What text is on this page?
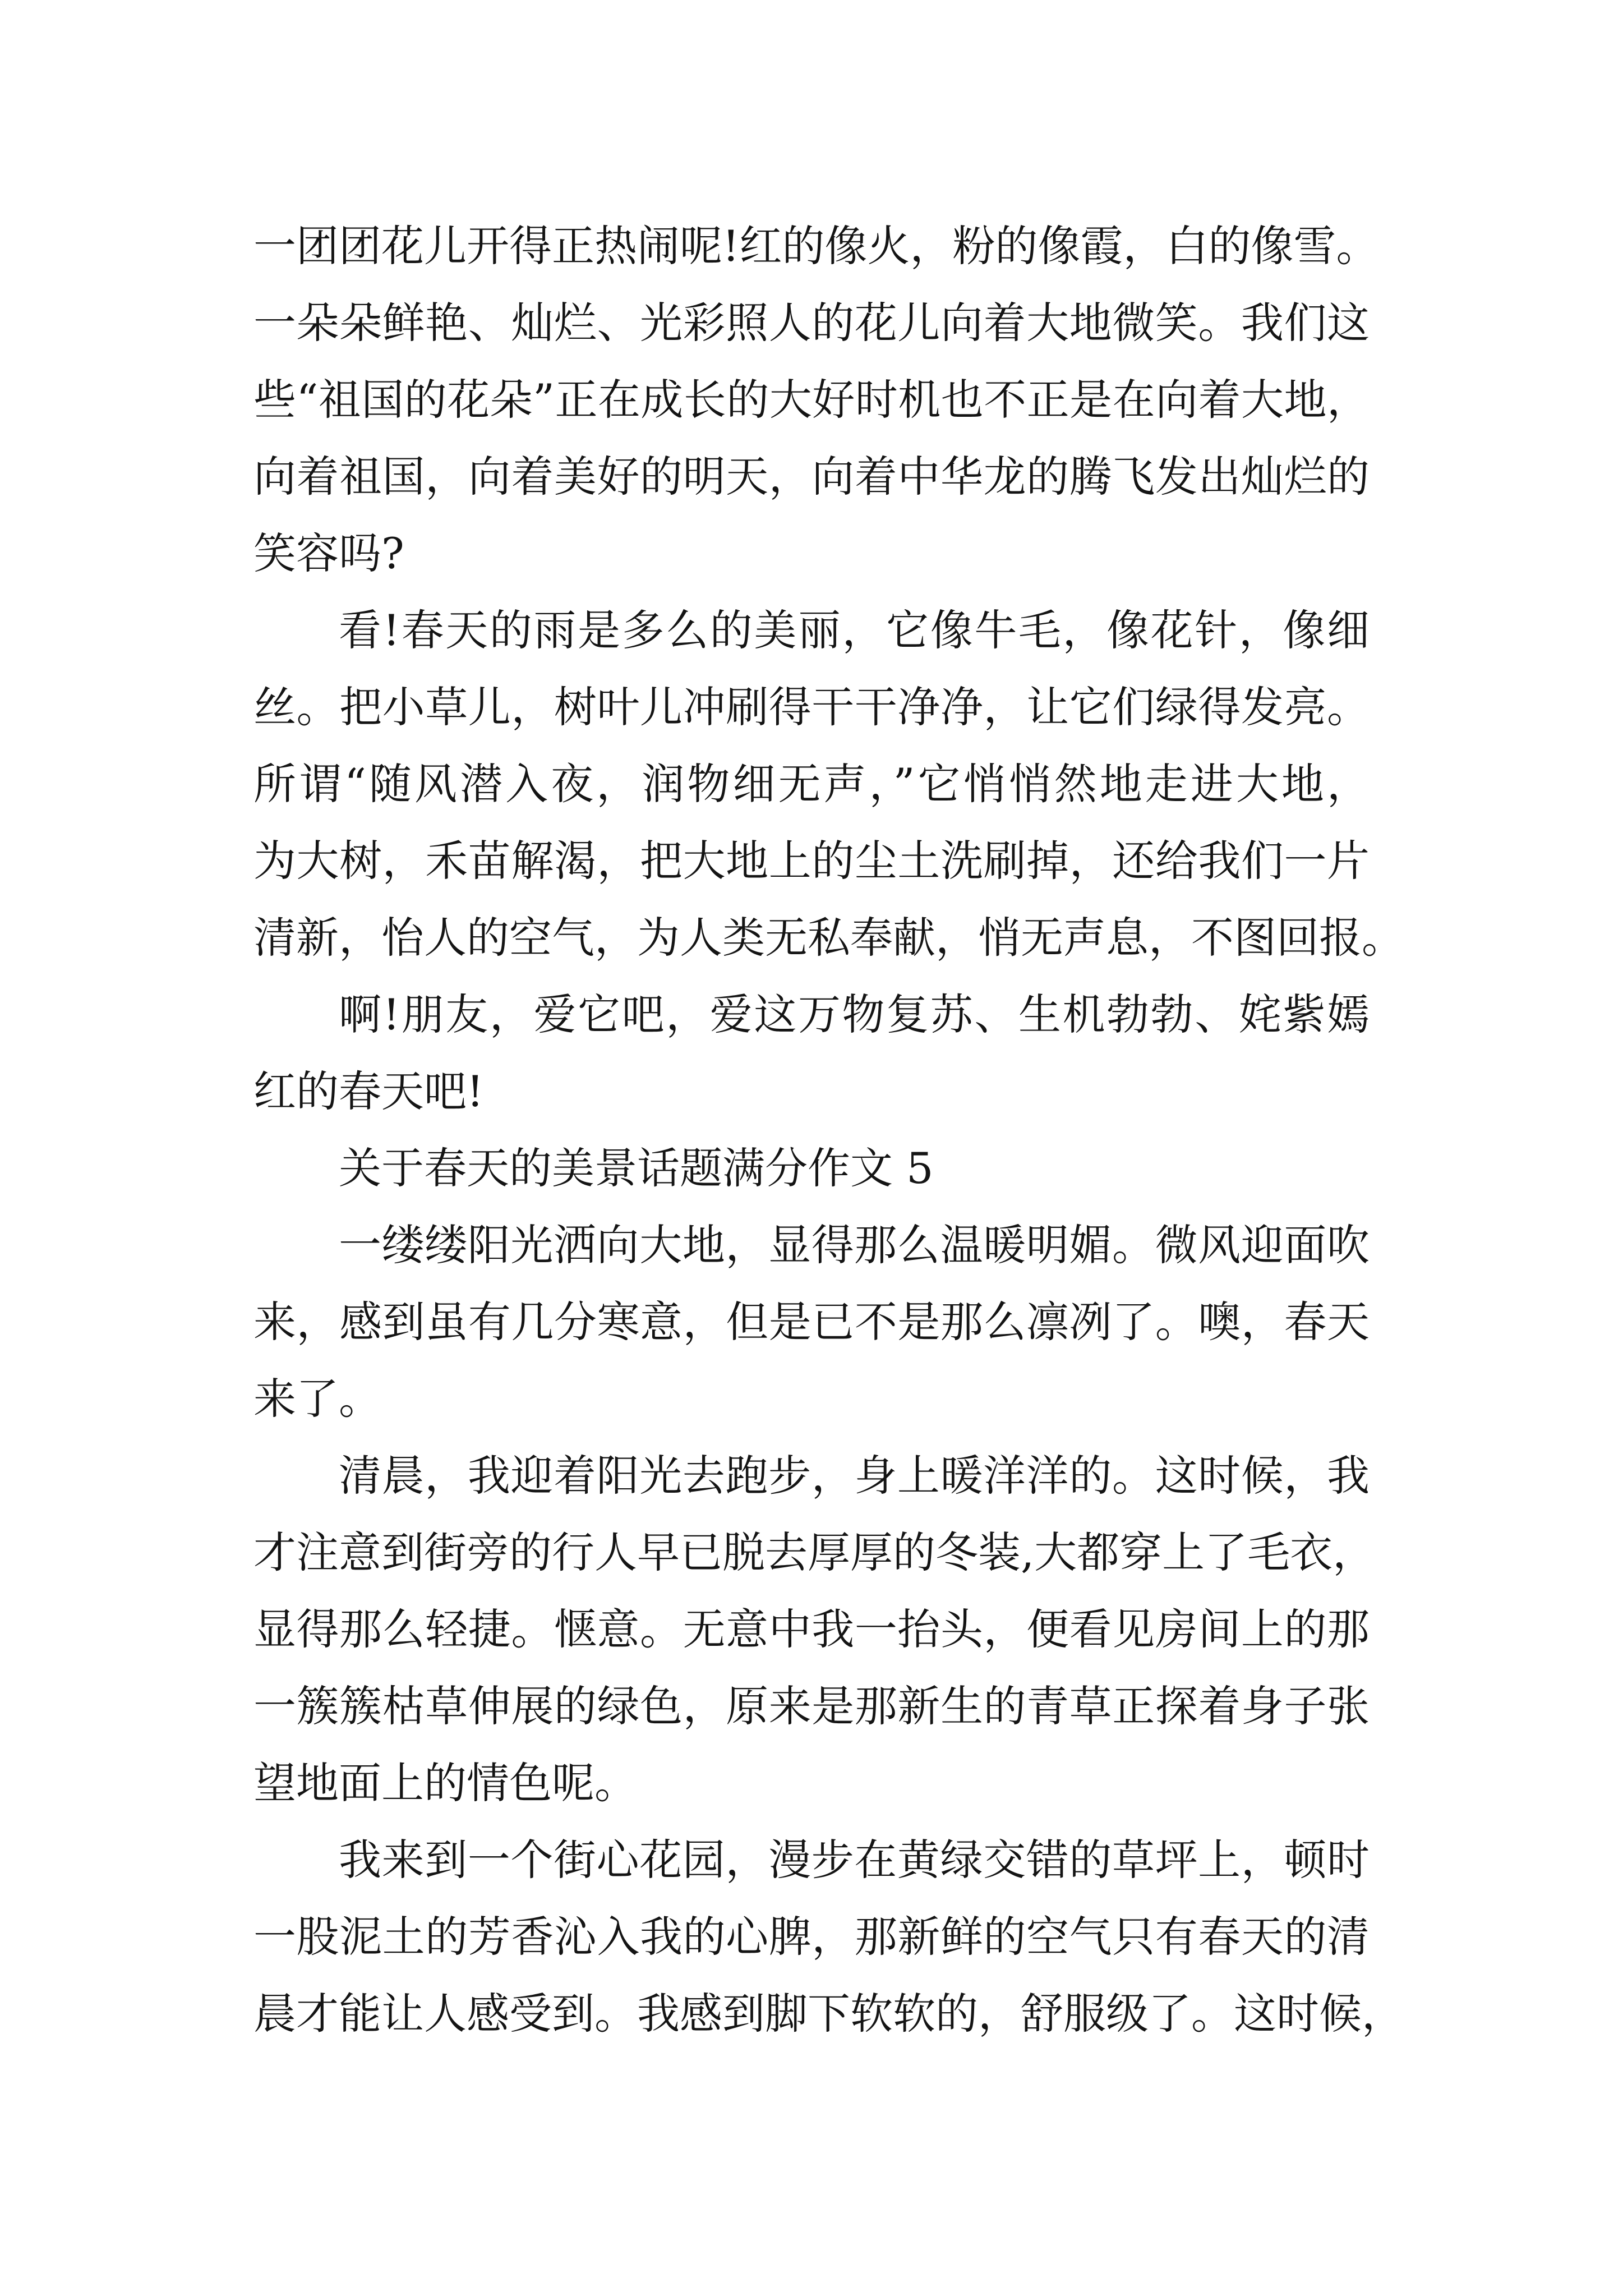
一团团花儿开得正热闹呢!红的像火，粉的像霞，白的像雪。
一朵朵鲜艳、灿烂、光彩照人的花儿向着大地微笑。我们这
些“祖国的花朵”正在成长的大好时机也不正是在向着大地，
向着祖国，向着美好的明天，向着中华龙的腾飞发出灿烂的
笑容吗?
看!春天的雨是多么的美丽，它像牛毛，像花针，像细
丝。把小草儿，树叶儿冲刷得干干净净，让它们绿得发亮。
所谓“随风潜入夜，润物细无声，”它悄悄然地走进大地，
为大树，禾苗解渴，把大地上的尘土洗刷掉，还给我们一片
清新，怡人的空气，为人类无私奉献，悄无声息，不图回报。
啊!朋友，爱它吧，爱这万物复苏、生机勃勃、姹紫嫣
红的春天吧!
关于春天的美景话题满分作文 5
一缕缕阳光洒向大地，显得那么温暖明媚。微风迎面吹
来，感到虽有几分寒意，但是已不是那么凛冽了。噢，春天
来了。
清晨，我迎着阳光去跑步，身上暖洋洋的。这时候，我
才注意到街旁的行人早已脱去厚厚的冬装,大都穿上了毛衣，
显得那么轻捷。惬意。无意中我一抬头，便看见房间上的那
一簇簇枯草伸展的绿色，原来是那新生的青草正探着身子张
望地面上的情色呢。
我来到一个街心花园，漫步在黄绿交错的草坪上，顿时
一股泥土的芳香沁入我的心脾，那新鲜的空气只有春天的清
晨才能让人感受到。我感到脚下软软的，舒服级了。这时候，
